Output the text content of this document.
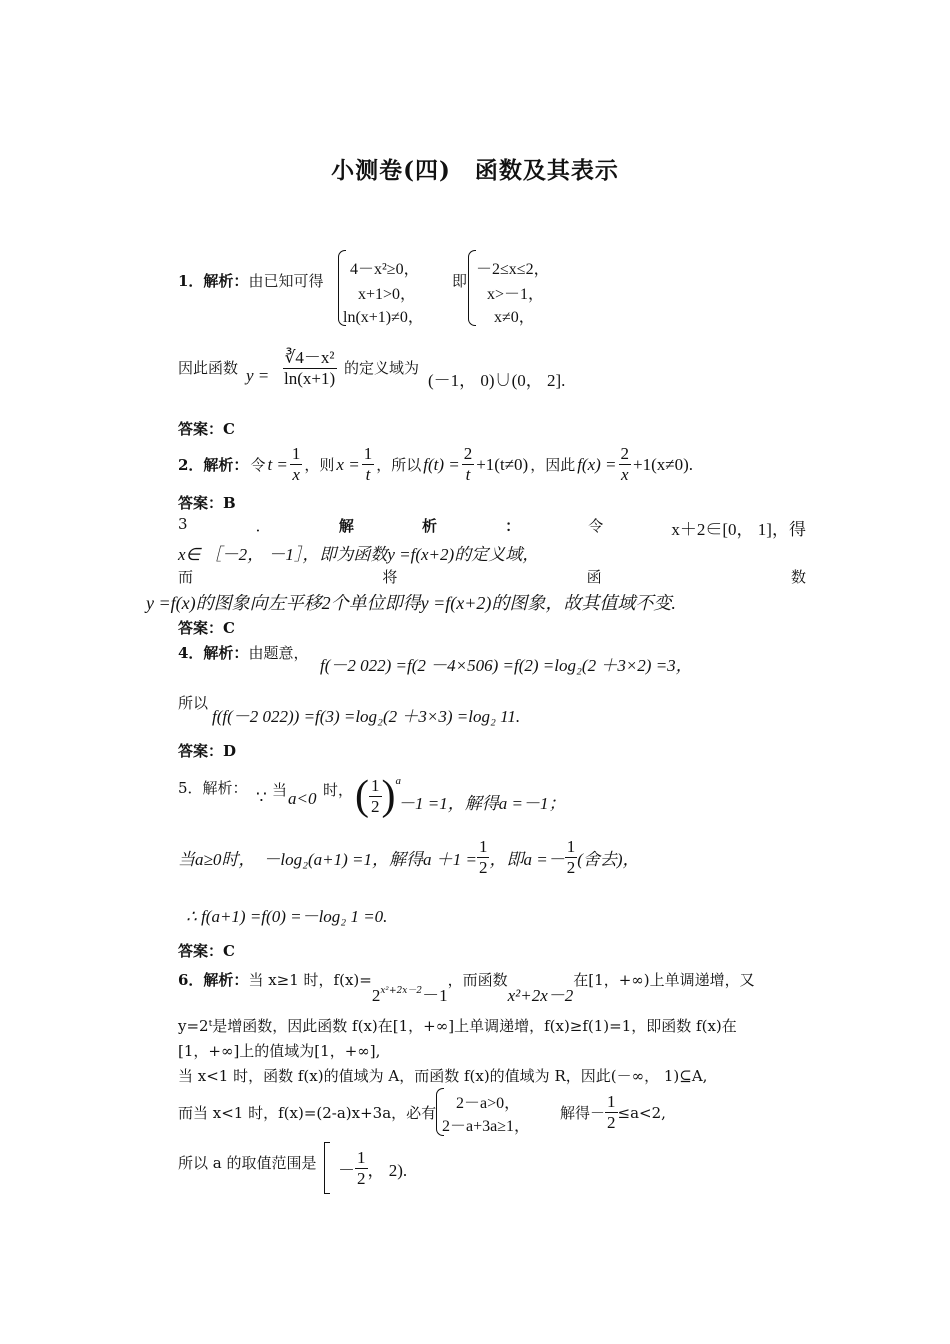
小测卷(四)　函数及其表示
1．解析：由已知可得
4－x²≥0，
x+1>0，
ln(x+1)≠0，
即
－2≤x≤2，
x>－1，
x≠0，
因此函数 $y = \frac{\text{∛4－x²}}{\ln(x+1)}$ 的定义域为
(－1， 0)∪(0， 2].
答案：C
2．解析： 令 $t = \frac{1}{x}$ ，则 $x = \frac{1}{t}$ ，所以 $f(t) = \frac{2}{t} +1(t\ne 0)$ ，因此 $f(x) = \frac{2}{x} +1(x\ne 0)$.
答案：B
3	．	解	析	：	令	x＋2∈[0， 1]，得
x∈ ［－2， －1］，即为函数y =f(x+2)的定义域，
而	将	函	数
y =f(x)的图象向左平移2个单位即得y =f(x+2)的图象，故其值域不变.
答案：C
4．解析：由题意，
f(－2 022) =f(2 －4×506) =f(2) =log₂(2 ＋3×2) =3，
所以
f(f(－2 022)) =f(3) =log₂(2 ＋3×3) =log₂ 11.
答案：D
5．解析： ∵ 当 a<0 时， ( $\frac{1}{2}$ ) a
－1 =1，解得a =－1；
当a≥0时， －log₂(a+1) =1，解得$a +1 = \frac{1}{2}$ ，即$a =- \frac{1}{2}$ (舍去)，
∴ f(a+1) =f(0) =－log₂ 1 =0.
答案：C
6．解析： 当 x≥1 时，f(x)=
2 x²+2x－2 －1
，而函数
x²+2x－2
在[1，+∞)上单调递增，又
y=2ᵗ是增函数，因此函数 f(x)在[1，+∞]上单调递增，f(x)≥f(1)=1，即函数 f(x)在
[1，+∞]上的值域为[1，+∞],
当 x<1 时，函数 f(x)的值域为 A，而函数 f(x)的值域为 R，因此(－∞， 1)⊆A,
而当 x<1 时，f(x)=(2-a)x+3a，必有
2－a>0，
2－a+3a≥1，
解得－ $\frac{1}{2} \le a<2$,
所以 a 的取值范围是 － $\frac{1}{2}$ ， 2).
